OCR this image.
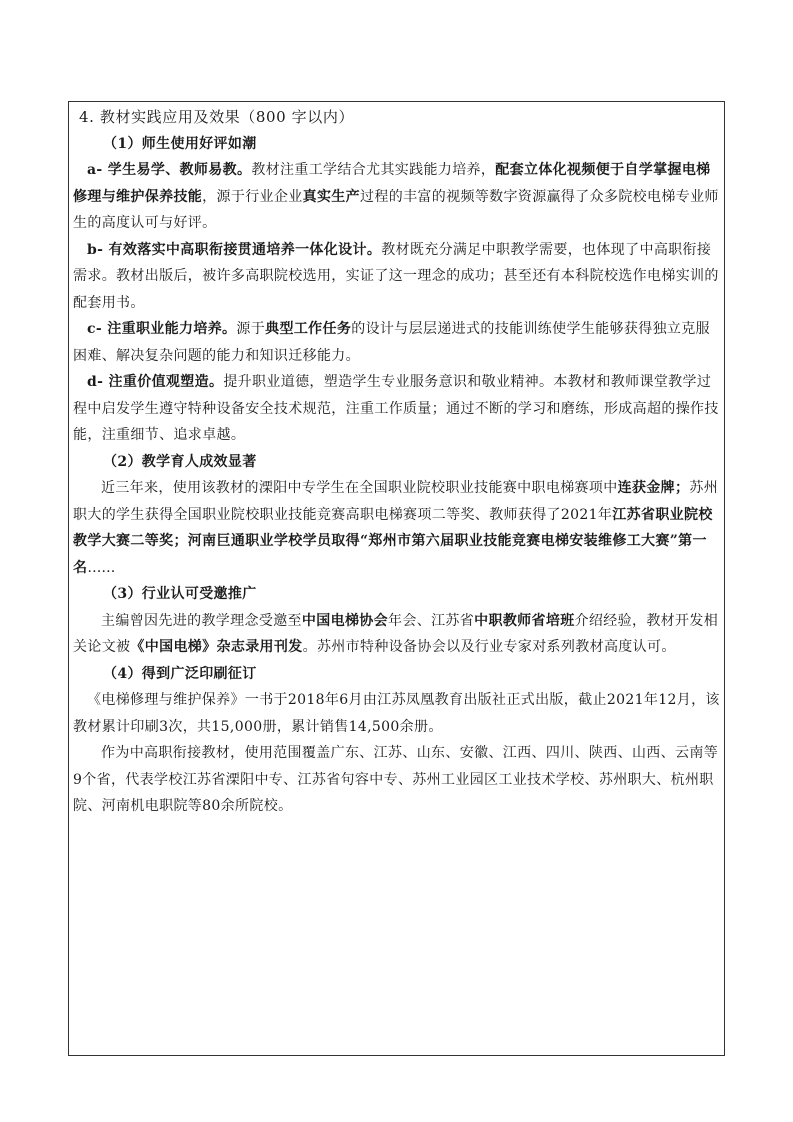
4. 教材实践应用及效果（800 字以内）

（1）师生使用好评如潮

a- 学生易学、教师易教。教材注重工学结合尤其实践能力培养，配套立体化视频便于自学掌握电梯修理与维护保养技能，源于行业企业真实生产过程的丰富的视频等数字资源赢得了众多院校电梯专业师生的高度认可与好评。

b- 有效落实中高职衔接贯通培养一体化设计。教材既充分满足中职教学需要，也体现了中高职衔接需求。教材出版后，被许多高职院校选用，实证了这一理念的成功；甚至还有本科院校选作电梯实训的配套用书。

c- 注重职业能力培养。源于典型工作任务的设计与层层递进式的技能训练使学生能够获得独立克服困难、解决复杂问题的能力和知识迁移能力。

d- 注重价值观塑造。提升职业道德，塑造学生专业服务意识和敬业精神。本教材和教师课堂教学过程中启发学生遵守特种设备安全技术规范，注重工作质量；通过不断的学习和磨练，形成高超的操作技能，注重细节、追求卓越。

（2）教学育人成效显著

近三年来，使用该教材的溧阳中专学生在全国职业院校职业技能赛中职电梯赛项中连获金牌；苏州职大的学生获得全国职业院校职业技能竞赛高职电梯赛项二等奖、教师获得了2021年江苏省职业院校教学大赛二等奖；河南巨通职业学校学员取得“郑州市第六届职业技能竞赛电梯安装维修工大赛”第一名……

（3）行业认可受邀推广

主编曾因先进的教学理念受邀至中国电梯协会年会、江苏省中职教师省培班介绍经验，教材开发相关论文被《中国电梯》杂志录用刊发。苏州市特种设备协会以及行业专家对系列教材高度认可。

（4）得到广泛印刷征订

《电梯修理与维护保养》一书于2018年6月由江苏凤凰教育出版社正式出版，截止2021年12月，该教材累计印刷3次，共15,000册，累计销售14,500余册。

作为中高职衔接教材，使用范围覆盖广东、江苏、山东、安徽、江西、四川、陕西、山西、云南等9个省，代表学校江苏省溧阳中专、江苏省句容中专、苏州工业园区工业技术学校、苏州职大、杭州职院、河南机电职院等80余所院校。
